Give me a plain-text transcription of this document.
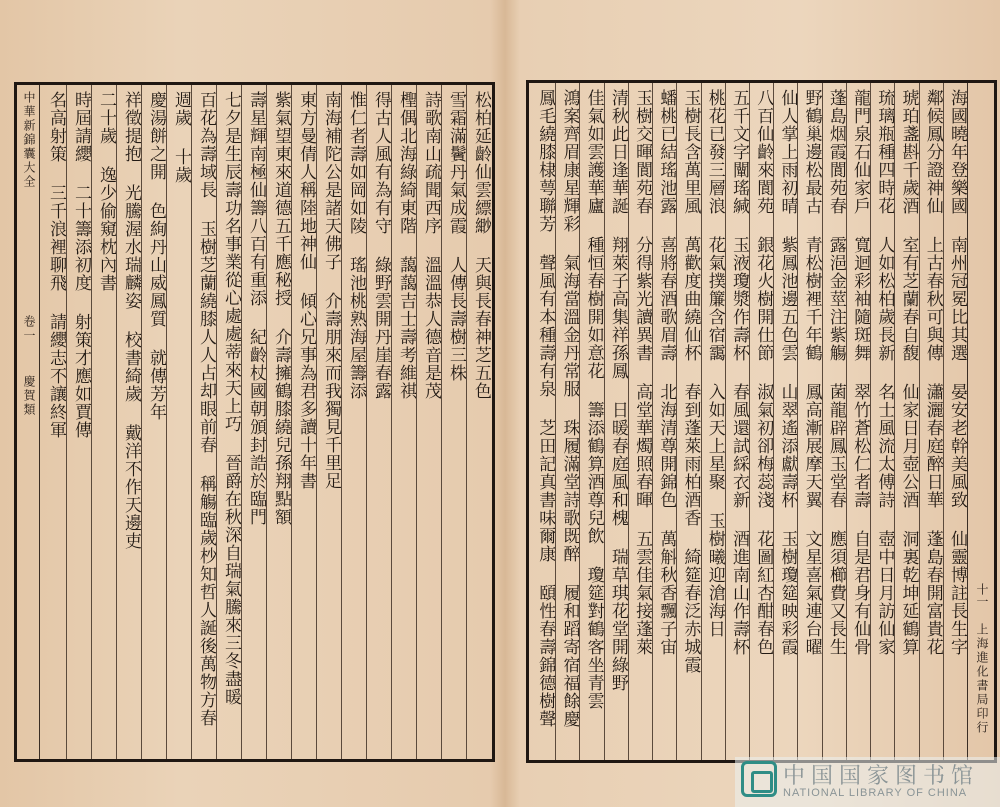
中華新錦囊大全
卷一
慶賀類	松柏延齡仙雲縹緲 天與長春神芝五色
雪霜滿鬢丹氣成霞 人傳長壽樹三株
詩歌南山疏聞西序 溫溫恭人德音是茂
檉偶北海綠綺東階 藹藹吉士壽考維祺
得古人風有為有守 綠野雲開丹崖春露
惟仁者壽如岡如陵 瑤池桃熟海屋籌添
南海補陀公是諸天佛子 介壽朋來而我獨見千里足
東方曼倩人稱陸地神仙 傾心兄事為君多讀十年書
紫氣望東來道德五千應秘授 介壽擁鶴膝繞兒孫翔點額
壽星輝南極仙籌八百有重添 紀齡杖國朝頒封誥於臨門
七夕是生辰壽功名事業從心處處蒂來天上巧 晉爵在秋深自瑞氣騰來三冬盡暖
百花為壽域長 玉樹芝蘭繞膝人人占却眼前春 稱觴臨歲杪知哲人誕後萬物方春
週歲 十歲
慶湯餅之開 色絢丹山威鳳質 就傳芳年
祥徵提抱 光騰渥水瑞麟姿 校書綺歲 戴洋不作天邊吏
二十歲 逸少偷窺枕內書
時屆請纓 二十籌添初度 射策才應如賈傳
名高射策 三千浪裡聊飛 請纓志不讓終軍
十一
上海進化書局印行
海國曉年登樂國 南州冠冕比其選 晏安老幹美風致 仙靈博註長生字
鄰候鳳分證神仙 上古春秋可與傳 瀟灑春庭醉日華 蓬島春開富貴花
琥珀盞斟千歲酒 室有芝蘭春自馥 仙家日月壺公酒 洞裏乾坤延鶴算
琉璃瓶種四時花 人如松柏歲長新 名士風流太傅詩 壺中日月訪仙家
龍門泉石仙家戶 寬迴彩袖隨斑舞 翠竹蒼松仁者壽 自是君身有仙骨
蓬島烟霞閬苑春 露浥金莖注紫觴 菌龍辟鳳玉堂春 應須櫛費又長生
野鶴巢邊松最古 青松樹裡千年鶴 鳳高漸展摩天翼 文星喜氣連台曜
仙人掌上雨初晴 紫鳳池邊五色雲 山翠遙添獻壽杯 玉樹瓊筵映彩霞
八百仙齡來閬苑 銀花火樹開仕節 淑氣初卻梅蕊淺 花圖紅杏酣春色
五千文字闡瑤緘 玉液瓊漿作壽杯 春風還試綵衣新 酒進南山作壽杯
桃花已發三層浪 花氣撲簾含宿靄 入如天上星聚 玉樹曦迎滄海日
玉樹長含萬里風 萬歡度曲繞仙杯 春到蓬萊雨柏酒香 綺筵春泛赤城霞
蟠桃已結瑤池露 喜將春酒歌眉壽 北海清尊開錦色 萬斛秋香飄子宙
玉樹交暉閬苑春 分得紫光讀異書 高堂華燭照春暉 五雲佳氣接蓬萊
清秋此日逢華誕 翔萊子高集祥孫鳳 日暖春庭風和槐 瑞草琪花堂開綠野
佳氣如雲護華廬 種恒春樹開如意花 籌添鶴算酒尊兒飲 瓊筵對鶴客坐青雲
鴻案齊眉康星輝彩 氣海當溫金丹常服 珠履滿堂詩歌既醉 履和蹈寄宿福餘慶
鳳毛繞膝棣萼聯芳 聲風有本種壽有泉 芝田記真書味爾康 頤性春壽錦德樹聲
中国国家图书馆
NATIONAL LIBRARY OF CHINA
